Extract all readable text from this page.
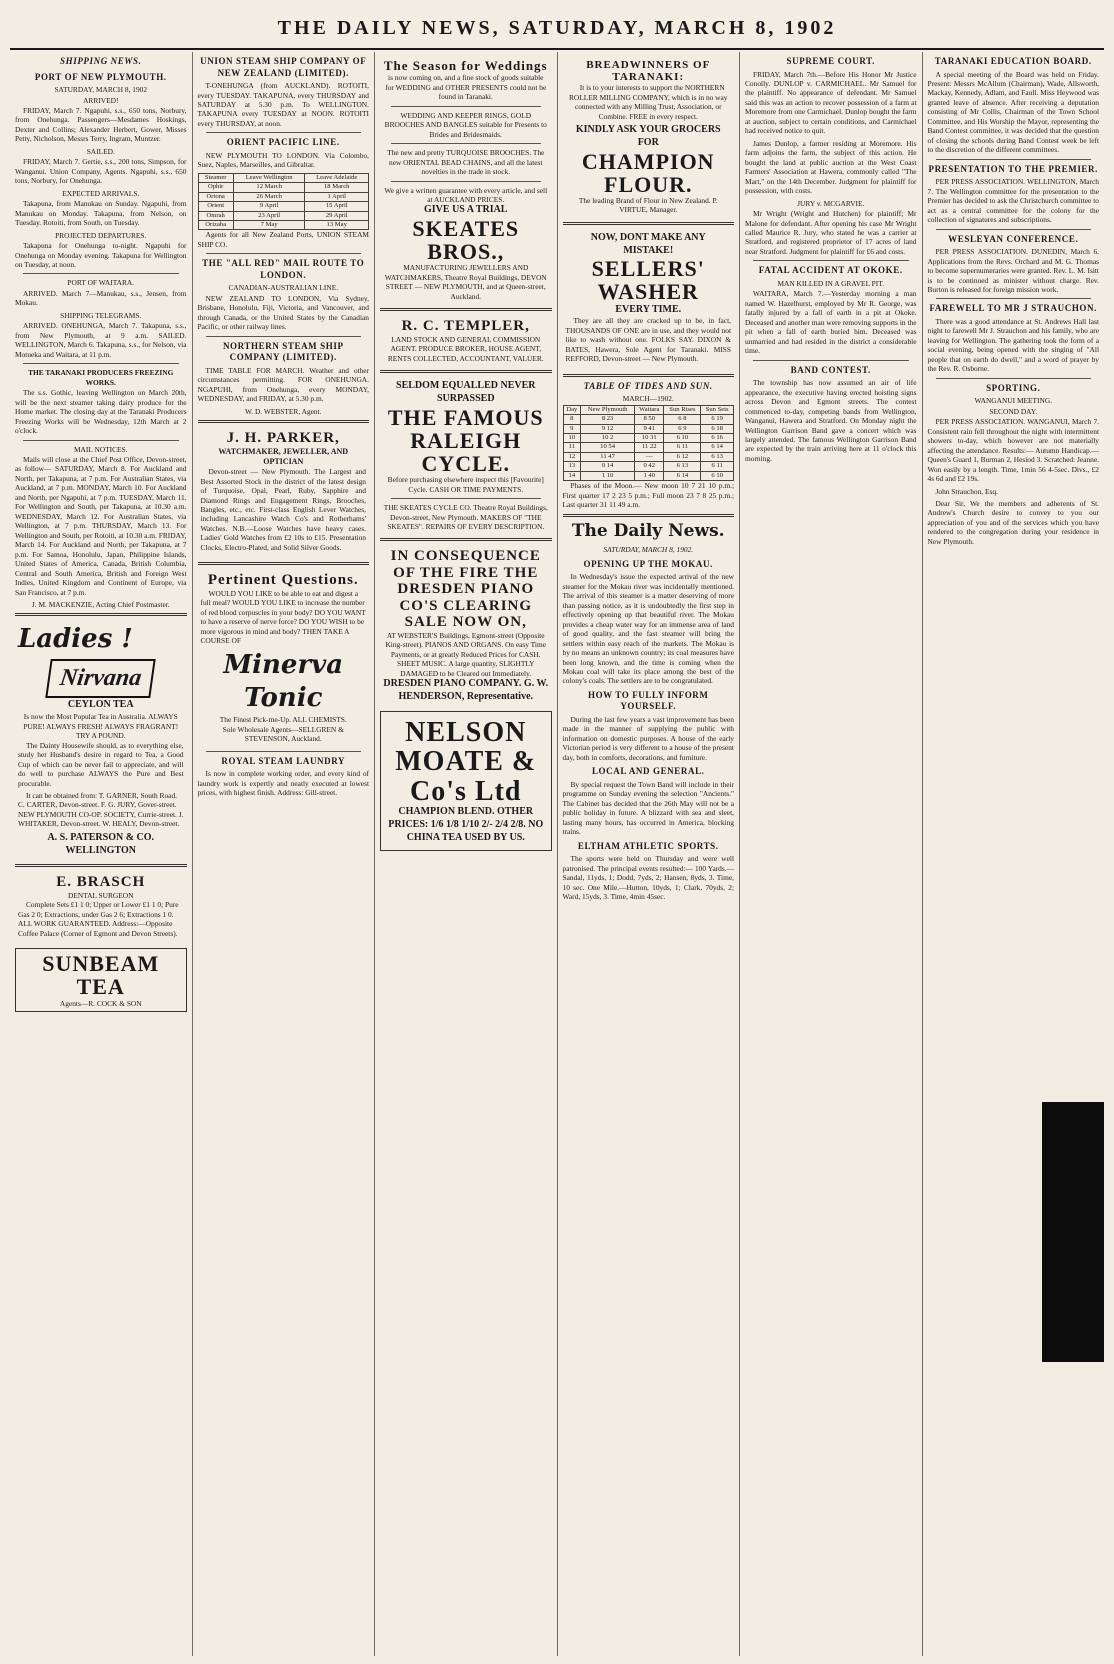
THE DAILY NEWS, SATURDAY, MARCH 8, 1902
SHIPPING NEWS.
PORT OF NEW PLYMOUTH.
SATURDAY, MARCH 8, 1902
ARRIVED!

FRIDAY, March 7. Ngapuhi, s.s., 650 tons, Norbury, from Onehunga. Passengers—Mesdames Hoskings, Dexter and Collins; Alexander Herbert, Gower, Misses Petty, Nicholson, Messrs Terry, Ingram, Muntzer.

SAILED.

FRIDAY, March 7. Gertie, s.s., 200 tons, Simpson, for Wanganui. Union Company, Agents. Ngapuhi, s.s., 650 tons, Norbury, for Onehunga.

EXPECTED ARRIVALS.

Takapuna, from Manukau on Sunday. Ngapuhi, from Manukau on Monday. Takapuna, from Nelson, on Tuesday. Rotoiti, from South, on Tuesday.

PROJECTED DEPARTURES.

Takapuna for Onehunga to-night. Ngapuhi for Onehunga on Monday evening. Takapuna for Wellington on Tuesday, at noon.

PORT OF WAITARA.

ARRIVED. March 7—Manukau, s.s., Jensen, from Mokau.

SHIPPING TELEGRAMS.

ARRIVED. ONEHUNGA, March 7. Takapuna, s.s., from New Plymouth, at 9 a.m. SAILED. WELLINGTON, March 6. Takapuna, s.s., for Nelson, via Motueka and Waitara, at 11 p.m.

THE TARANAKI PRODUCERS FREEZING WORKS.

The s.s. Gothic, leaving Wellington on March 20th, will be the next steamer taking dairy produce for the Home market. The closing day at the Taranaki Producers Freezing Works will be Wednesday, 12th March at 2 o'clock.

MAIL NOTICES.

Mails will close at the Chief Post Office, Devon-street, as follow— SATURDAY, March 8. For Auckland and North, per Takapuna, at 7 p.m. For Australian States, via Auckland, at 7 p.m. MONDAY, March 10. For Auckland and North, per Ngapuhi, at 7 p.m. TUESDAY, March 11. For Wellington and South, per Takapuna, at 10.30 a.m. WEDNESDAY, March 12. For Australian States, via Wellington, at 7 p.m. THURSDAY, March 13. For Wellington and South, per Rotoiti, at 10.30 a.m. FRIDAY, March 14. For Auckland and North, per Takapuna, at 7 p.m. For Samoa, Honolulu, Japan, Philippine Islands, United States of America, Canada, British Columbia, Central and South America, British and Foreign West Indies, United Kingdom and Continent of Europe, via San Francisco, at 7 p.m.

J. M. MACKENZIE, Acting Chief Postmaster.
Ladies !
Nirvana
CEYLON TEA
Is now the Most Popular Tea in Australia. ALWAYS PURE! ALWAYS FRESH! ALWAYS FRAGRANT! TRY A POUND.

The Dainty Housewife should, as to everything else, study her Husband's desire in regard to Tea, a Good Cup of which can be never fail to appreciate, and will do well to purchase ALWAYS the Pure and Best procurable.

It can be obtained from: T. GARNER, South Road. C. CARTER, Devon-street. F. G. JURY, Gover-street. NEW PLYMOUTH CO-OP. SOCIETY, Currie-street. J. WHITAKER, Devon-street. W. HEALY, Devon-street.

A. S. PATERSON & CO. WELLINGTON
E. BRASCH
DENTAL SURGEON

Complete Sets £1 1 0; Upper or Lower £1 1 0; Pure Gas 2 0; Extractions, under Gas 2 6; Extractions 1 0. ALL WORK GUARANTEED. Address:—Opposite Coffee Palace (Corner of Egmont and Devon Streets).

SUNBEAM TEA
Agents—R. COCK & SON
UNION STEAM SHIP COMPANY OF NEW ZEALAND (LIMITED).

T-ONEHUNGA (from AUCKLAND). ROTOITI, every TUESDAY. TAKAPUNA, every THURSDAY and SATURDAY at 5.30 p.m. To WELLINGTON. TAKAPUNA every TUESDAY at NOON. ROTOITI every THURSDAY, at noon.

ORIENT PACIFIC LINE.

NEW PLYMOUTH TO LONDON. Via Colombo, Suez, Naples, Marseilles, and Gibraltar.

Steamer	Leave Wellington	Leave Adelaide
Ophir	12 March	18 March
Ortona	26 March	1 April
Orient	9 April	15 April
Omrah	23 April	29 April
Orizaba	7 May	13 May

Agents for all New Zealand Ports, UNION STEAM SHIP CO.

THE "ALL RED" MAIL ROUTE TO LONDON.
CANADIAN-AUSTRALIAN LINE.

NEW ZEALAND TO LONDON, Via Sydney, Brisbane, Honolulu, Fiji, Victoria, and Vancouver, and through Canada, or the United States by the Canadian Pacific, or other railway lines.

NORTHERN STEAM SHIP COMPANY (LIMITED).

TIME TABLE FOR MARCH. Weather and other circumstances permitting. FOR ONEHUNGA. NGAPUHI, from Onehunga, every MONDAY, WEDNESDAY, and FRIDAY, at 5.30 p.m.

W. D. WEBSTER, Agent.
J. H. PARKER,
WATCHMAKER, JEWELLER, AND OPTICIAN

Devon-street — New Plymouth. The Largest and Best Assorted Stock in the district of the latest design of Turquoise, Opal, Pearl, Ruby, Sapphire and Diamond Rings and Engagement Rings, Brooches, Bangles, etc., etc. First-class English Lever Watches, including Lancashire Watch Co's and Rotherhams' Watches. N.B.—Loose Watches have heavy cases. Ladies' Gold Watches from £2 10s to £15. Presentation Clocks, Electro-Plated, and Solid Silver Goods.

Pertinent Questions.

WOULD YOU LIKE to be able to eat and digest a full meal? WOULD YOU LIKE to increase the number of red blood corpuscles in your body? DO YOU WANT to have a reserve of nerve force? DO YOU WISH to be more vigorous in mind and body? THEN TAKE A COURSE OF

Minerva Tonic
The Finest Pick-me-Up. ALL CHEMISTS.
Sole Wholesale Agents—SELLGREN & STEVENSON, Auckland.
ROYAL STEAM LAUNDRY

Is now in complete working order, and every kind of laundry work is expertly and neatly executed at lowest prices, with highest finish. Address: Gill-street.

The Season for Weddings
is now coming on, and a fine stock of goods suitable for WEDDING and OTHER PRESENTS could not be found in Taranaki.
WEDDING AND KEEPER RINGS, GOLD BROOCHES AND BANGLES suitable for Presents to Brides and Bridesmaids.
The new and pretty TURQUOISE BROOCHES. The new ORIENTAL BEAD CHAINS, and all the latest novelties in the trade in stock.
We give a written guarantee with every article, and sell at AUCKLAND PRICES.
GIVE US A TRIAL
SKEATES BROS.,
MANUFACTURING JEWELLERS AND WATCHMAKERS, Theatre Royal Buildings, DEVON STREET — NEW PLYMOUTH, and at Queen-street, Auckland.
R. C. TEMPLER,
LAND STOCK AND GENERAL COMMISSION AGENT. PRODUCE BROKER, HOUSE AGENT, RENTS COLLECTED, ACCOUNTANT, VALUER.
SELDOM EQUALLED NEVER SURPASSED
THE FAMOUS RALEIGH CYCLE.
Before purchasing elsewhere inspect this [Favourite] Cycle. CASH OR TIME PAYMENTS.
THE SKEATES CYCLE CO. Theatre Royal Buildings, Devon-street, New Plymouth. MAKERS OF "THE SKEATES". REPAIRS OF EVERY DESCRIPTION.
IN CONSEQUENCE OF THE FIRE THE DRESDEN PIANO CO'S CLEARING SALE NOW ON,
AT WEBSTER'S Buildings, Egmont-street (Opposite King-street). PIANOS AND ORGANS. On easy Time Payments, or at greatly Reduced Prices for CASH. SHEET MUSIC. A large quantity, SLIGHTLY DAMAGED to be Cleared out Immediately.
DRESDEN PIANO COMPANY. G. W. HENDERSON, Representative.
NELSON MOATE & Co's Ltd
CHAMPION BLEND. OTHER PRICES: 1/6 1/8 1/10 2/- 2/4 2/8. NO CHINA TEA USED BY US.
BREADWINNERS OF TARANAKI:

It is to your interests to support the NORTHERN ROLLER MILLING COMPANY, which is in no way connected with any Milling Trust, Association, or Combine. FREE in every respect.

KINDLY ASK YOUR GROCERS FOR
CHAMPION FLOUR.
The leading Brand of Flour in New Zealand. P. VIRTUE, Manager.
NOW, DONT MAKE ANY MISTAKE!
SELLERS' WASHER
EVERY TIME.

They are all they are cracked up to be, in fact, THOUSANDS OF ONE are in use, and they would not like to wash without one. FOLKS SAY. DIXON & BATES, Hawera, Sole Agent for Taranaki. MISS REFFORD, Devon-street — New Plymouth.

TABLE OF TIDES AND SUN.
MARCH—1902.
Day	New Plymouth	Waitara	Sun Rises	Sun Sets
8	8 23	8 50	6 8	6 19
9	9 12	9 41	6 9	6 18
10	10 2	10 31	6 10	6 16
11	10 54	11 22	6 11	6 14
12	11 47	—	6 12	6 13
13	0 14	0 42	6 13	6 11
14	1 10	1 40	6 14	6 10

Phases of the Moon.— New moon 10 7 21 10 p.m.; First quarter 17 2 23 5 p.m.; Full moon 23 7 8 25 p.m.; Last quarter 31 11 49 a.m.

The Daily News.
SATURDAY, MARCH 8, 1902.
OPENING UP THE MOKAU.

In Wednesday's issue the expected arrival of the new steamer for the Mokau river was incidentally mentioned. The arrival of this steamer is a matter deserving of more than passing notice, as it is undoubtedly the first step in effectively opening up that beautiful river. The Mokau provides a cheap water way for an immense area of land of good quality, and the fast steamer will bring the settlers within easy reach of the markets. The Mokau is by no means an unknown country; its coal measures have been long known, and the time is coming when the Mokau coal will take its place among the best of the colony's coals. The settlers are to be congratulated.

HOW TO FULLY INFORM YOURSELF.

During the last few years a vast improvement has been made in the manner of supplying the public with information on domestic purposes. A house of the early Victorian period is very different to a house of the present day, both in comforts, decorations, and furniture.

LOCAL AND GENERAL.

By special request the Town Band will include in their programme on Sunday evening the selection "Ancients." The Cabinet has decided that the 26th May will not be a public holiday in future. A blizzard with sea and sleet, lasting many hours, has occurred in America, blocking trains.

ELTHAM ATHLETIC SPORTS.

The sports were held on Thursday and were well patronised. The principal events resulted:— 100 Yards.—Sandal, 11yds, 1; Dodd, 7yds, 2; Hansen, 8yds, 3. Time, 10 sec. One Mile.—Hutton, 10yds, 1; Clark, 70yds, 2; Ward, 15yds, 3. Time, 4min 45sec.

SUPREME COURT.

FRIDAY, March 7th.—Before His Honor Mr Justice Conolly. DUNLOP v. CARMICHAEL. Mr Samuel for the plaintiff. No appearance of defendant. Mr Samuel said this was an action to recover possession of a farm at Moremore from one Carmichael. Dunlop bought the farm at auction, subject to certain conditions, and Carmichael had received notice to quit.

James Dunlop, a farmer residing at Moremore. His farm adjoins the farm, the subject of this action. He bought the land at public auction at the West Coast Farmers' Association at Hawera, commonly called "The Mart," on the 14th December. Judgment for plaintiff for possession, with costs.

JURY v. MCGARVIE.

Mr Wright (Wright and Hutchen) for plaintiff; Mr Malone for defendant. After opening his case Mr Wright called Maurice R. Jury, who stated he was a carrier at Stratford, and registered proprietor of 17 acres of land near Stratford. Judgment for plaintiff for £6 and costs.

FATAL ACCIDENT AT OKOKE.
MAN KILLED IN A GRAVEL PIT.

WAITARA, March 7.—Yesterday morning a man named W. Hazelhurst, employed by Mr R. George, was fatally injured by a fall of earth in a pit at Okoke. Deceased and another man were removing supports in the pit when a fall of earth buried him. Deceased was unmarried and had resided in the district a considerable time.

BAND CONTEST.

The township has now assumed an air of life appearance, the executive having erected hoisting signs across Devon and Egmont streets. The contest commenced to-day, competing bands from Wellington, Wanganui, Hawera and Stratford. On Monday night the Wellington Garrison Band gave a concert which was largely attended. The famous Wellington Garrison Band are expected by the train arriving here at 11 o'clock this morning.

TARANAKI EDUCATION BOARD.

A special meeting of the Board was held on Friday. Present: Messrs McAllum (Chairman), Wade, Allsworth, Mackay, Kennedy, Adlam, and Faull. Miss Heywood was granted leave of absence. After receiving a deputation consisting of Mr Collis, Chairman of the Town School Committee, and His Worship the Mayor, representing the Band Contest committee, it was decided that the question of closing the schools during Band Contest week be left to the discretion of the different committees.

PRESENTATION TO THE PREMIER.

PER PRESS ASSOCIATION. WELLINGTON, March 7. The Wellington committee for the presentation to the Premier has decided to ask the Christchurch committee to act as a central committee for the colony for the collection of signatures and subscriptions.

WESLEYAN CONFERENCE.

PER PRESS ASSOCIATION. DUNEDIN, March 6. Applications from the Revs. Orchard and M. G. Thomas to become supernumeraries were granted. Rev. L. M. Isitt is to be continued as minister without charge. Rev. Burton is released for foreign mission work.

FAREWELL TO MR J STRAUCHON.

There was a good attendance at St. Andrews Hall last night to farewell Mr J. Strauchon and his family, who are leaving for Wellington. The gathering took the form of a social evening, being opened with the singing of "All people that on earth do dwell," and a word of prayer by the Rev. R. Osborne.

SPORTING.
WANGANUI MEETING.
SECOND DAY.

PER PRESS ASSOCIATION. WANGANUI, March 7. Consistent rain fell throughout the night with intermittent showers to-day, which however are not materially affecting the attendance. Results:— Autumn Handicap.—Queen's Guard 1, Burman 2, Hesiod 3. Scratched: Jeanne. Won easily by a length. Time, 1min 56 4-5sec. Divs., £2 4s 6d and £2 19s.

John Strauchon, Esq.

Dear Sir, We the members and adherents of St. Andrew's Church desire to convey to you our appreciation of you and of the services which you have rendered to the congregation during your residence in New Plymouth.
